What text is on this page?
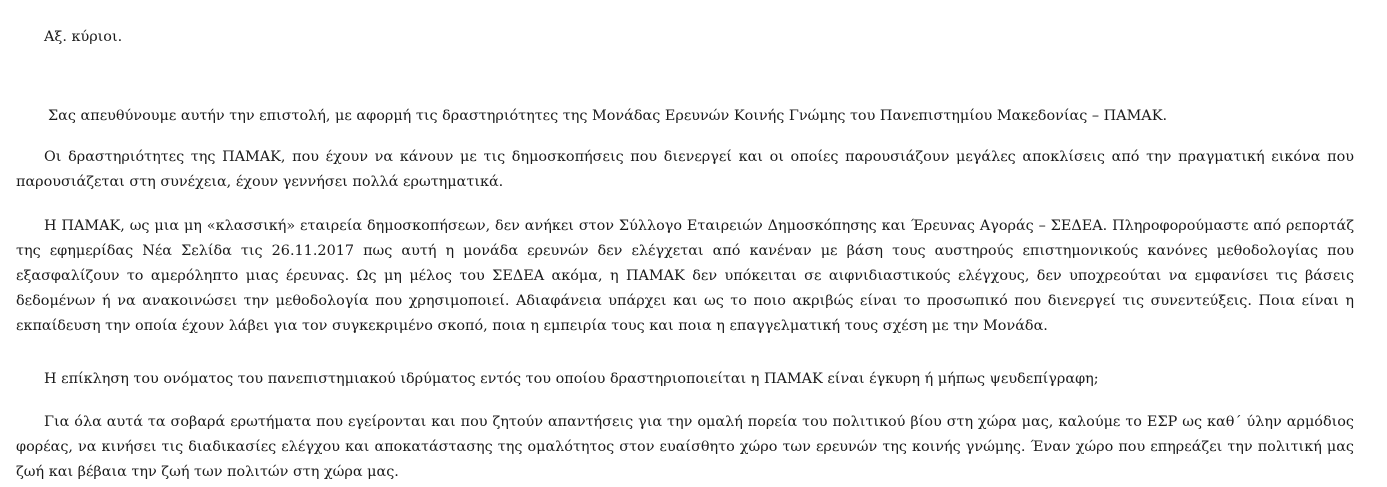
Αξ. κύριοι.

Σας απευθύνουμε αυτήν την επιστολή, με αφορμή τις δραστηριότητες της Μονάδας Ερευνών Κοινής Γνώμης του Πανεπιστημίου Μακεδονίας – ΠΑΜΑΚ.

Οι δραστηριότητες της ΠΑΜΑΚ, που έχουν να κάνουν με τις δημοσκοπήσεις που διενεργεί και οι οποίες παρουσιάζουν μεγάλες αποκλίσεις από την πραγματική εικόνα που παρουσιάζεται στη συνέχεια, έχουν γεννήσει πολλά ερωτηματικά.

Η ΠΑΜΑΚ, ως μια μη «κλασσική» εταιρεία δημοσκοπήσεων, δεν ανήκει στον Σύλλογο Εταιρειών Δημοσκόπησης και Έρευνας Αγοράς – ΣΕΔΕΑ. Πληροφορούμαστε από ρεπορτάζ της εφημερίδας Νέα Σελίδα τις 26.11.2017 πως αυτή η μονάδα ερευνών δεν ελέγχεται από κανέναν με βάση τους αυστηρούς επιστημονικούς κανόνες μεθοδολογίας που εξασφαλίζουν το αμερόληπτο μιας έρευνας. Ως μη μέλος του ΣΕΔΕΑ ακόμα, η ΠΑΜΑΚ δεν υπόκειται σε αιφνιδιαστικούς ελέγχους, δεν υποχρεούται να εμφανίσει τις βάσεις δεδομένων ή να ανακοινώσει την μεθοδολογία που χρησιμοποιεί. Αδιαφάνεια υπάρχει και ως το ποιο ακριβώς είναι το προσωπικό που διενεργεί τις συνεντεύξεις. Ποια είναι η εκπαίδευση την οποία έχουν λάβει για τον συγκεκριμένο σκοπό, ποια η εμπειρία τους και ποια η επαγγελματική τους σχέση με την Μονάδα.

Η επίκληση του ονόματος του πανεπιστημιακού ιδρύματος εντός του οποίου δραστηριοποιείται η ΠΑΜΑΚ είναι έγκυρη ή μήπως ψευδεπίγραφη;

Για όλα αυτά τα σοβαρά ερωτήματα που εγείρονται και που ζητούν απαντήσεις για την ομαλή πορεία του πολιτικού βίου στη χώρα μας, καλούμε το ΕΣΡ ως καθ΄ ύλην αρμόδιος φορέας, να κινήσει τις διαδικασίες ελέγχου και αποκατάστασης της ομαλότητος στον ευαίσθητο χώρο των ερευνών της κοινής γνώμης. Έναν χώρο που επηρεάζει την πολιτική μας ζωή και βέβαια την ζωή των πολιτών στη χώρα μας.
